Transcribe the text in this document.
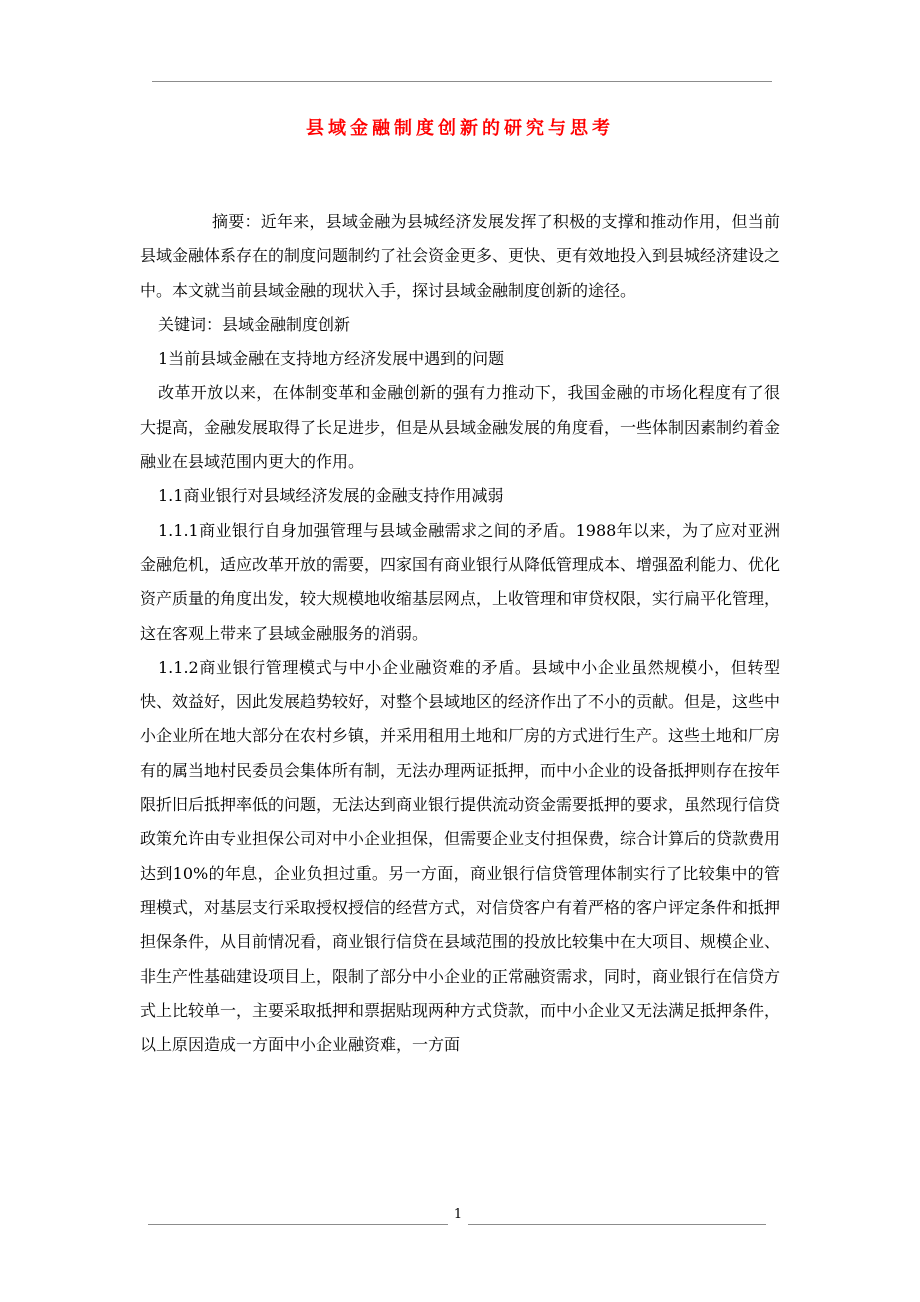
县域金融制度创新的研究与思考

摘要：近年来，县域金融为县城经济发展发挥了积极的支撑和推动作用，但当前县域金融体系存在的制度问题制约了社会资金更多、更快、更有效地投入到县城经济建设之中。本文就当前县域金融的现状入手，探讨县域金融制度创新的途径。

关键词：县域金融制度创新

1当前县域金融在支持地方经济发展中遇到的问题

改革开放以来，在体制变革和金融创新的强有力推动下，我国金融的市场化程度有了很大提高，金融发展取得了长足进步，但是从县域金融发展的角度看，一些体制因素制约着金融业在县域范围内更大的作用。

1.1商业银行对县域经济发展的金融支持作用减弱

1.1.1商业银行自身加强管理与县域金融需求之间的矛盾。1988年以来，为了应对亚洲金融危机，适应改革开放的需要，四家国有商业银行从降低管理成本、增强盈利能力、优化资产质量的角度出发，较大规模地收缩基层网点，上收管理和审贷权限，实行扁平化管理，这在客观上带来了县域金融服务的消弱。

1.1.2商业银行管理模式与中小企业融资难的矛盾。县域中小企业虽然规模小，但转型快、效益好，因此发展趋势较好，对整个县域地区的经济作出了不小的贡献。但是，这些中小企业所在地大部分在农村乡镇，并采用租用土地和厂房的方式进行生产。这些土地和厂房有的属当地村民委员会集体所有制，无法办理两证抵押，而中小企业的设备抵押则存在按年限折旧后抵押率低的问题，无法达到商业银行提供流动资金需要抵押的要求，虽然现行信贷政策允许由专业担保公司对中小企业担保，但需要企业支付担保费，综合计算后的贷款费用达到10%的年息，企业负担过重。另一方面，商业银行信贷管理体制实行了比较集中的管理模式，对基层支行采取授权授信的经营方式，对信贷客户有着严格的客户评定条件和抵押担保条件，从目前情况看，商业银行信贷在县域范围的投放比较集中在大项目、规模企业、非生产性基础建设项目上，限制了部分中小企业的正常融资需求，同时，商业银行在信贷方式上比较单一，主要采取抵押和票据贴现两种方式贷款，而中小企业又无法满足抵押条件，以上原因造成一方面中小企业融资难，一方面

1
